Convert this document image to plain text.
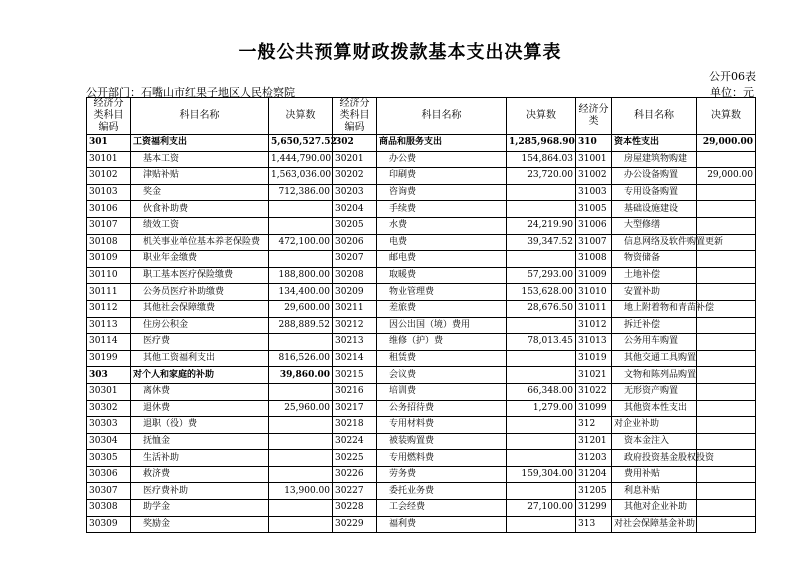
一般公共预算财政拨款基本支出决算表
公开06表
公开部门：石嘴山市红果子地区人民检察院	单位：元
经济分类科目编码	科目名称	决算数	经济分类科目编码	科目名称	决算数	经济分类	科目名称	决算数
301	工资福利支出	5,650,527.52	302	商品和服务支出	1,285,968.90	310	资本性支出	29,000.00
30101	基本工资	1,444,790.00	30201	办公费	154,864.03	31001	房屋建筑物购建	
30102	津贴补贴	1,563,036.00	30202	印刷费	23,720.00	31002	办公设备购置	29,000.00
30103	奖金	712,386.00	30203	咨询费		31003	专用设备购置	
30106	伙食补助费		30204	手续费		31005	基础设施建设	
30107	绩效工资		30205	水费	24,219.90	31006	大型修缮	
30108	机关事业单位基本养老保险费	472,100.00	30206	电费	39,347.52	31007	信息网络及软件购置更新	
30109	职业年金缴费		30207	邮电费		31008	物资储备	
30110	职工基本医疗保险缴费	188,800.00	30208	取暖费	57,293.00	31009	土地补偿	
30111	公务员医疗补助缴费	134,400.00	30209	物业管理费	153,628.00	31010	安置补助	
30112	其他社会保障缴费	29,600.00	30211	差旅费	28,676.50	31011	地上附着物和青苗补偿	
30113	住房公积金	288,889.52	30212	因公出国（境）费用		31012	拆迁补偿	
30114	医疗费		30213	维修（护）费	78,013.45	31013	公务用车购置	
30199	其他工资福利支出	816,526.00	30214	租赁费		31019	其他交通工具购置	
303	对个人和家庭的补助	39,860.00	30215	会议费		31021	文物和陈列品购置	
30301	离休费		30216	培训费	66,348.00	31022	无形资产购置	
30302	退休费	25,960.00	30217	公务招待费	1,279.00	31099	其他资本性支出	
30303	退职（役）费		30218	专用材料费		312	对企业补助	
30304	抚恤金		30224	被装购置费		31201	资本金注入	
30305	生活补助		30225	专用燃料费		31203	政府投资基金股权投资	
30306	救济费		30226	劳务费	159,304.00	31204	费用补贴	
30307	医疗费补助	13,900.00	30227	委托业务费		31205	利息补贴	
30308	助学金		30228	工会经费	27,100.00	31299	其他对企业补助	
30309	奖励金		30229	福利费		313	对社会保障基金补助	
